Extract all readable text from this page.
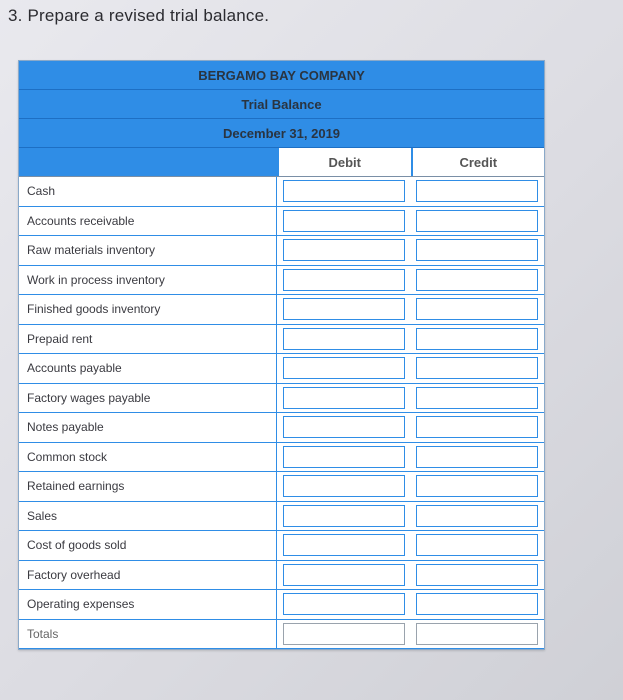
3. Prepare a revised trial balance.
BERGAMO BAY COMPANY
Trial Balance
December 31, 2019
Debit	Credit
Cash
Accounts receivable
Raw materials inventory
Work in process inventory
Finished goods inventory
Prepaid rent
Accounts payable
Factory wages payable
Notes payable
Common stock
Retained earnings
Sales
Cost of goods sold
Factory overhead
Operating expenses
Totals
